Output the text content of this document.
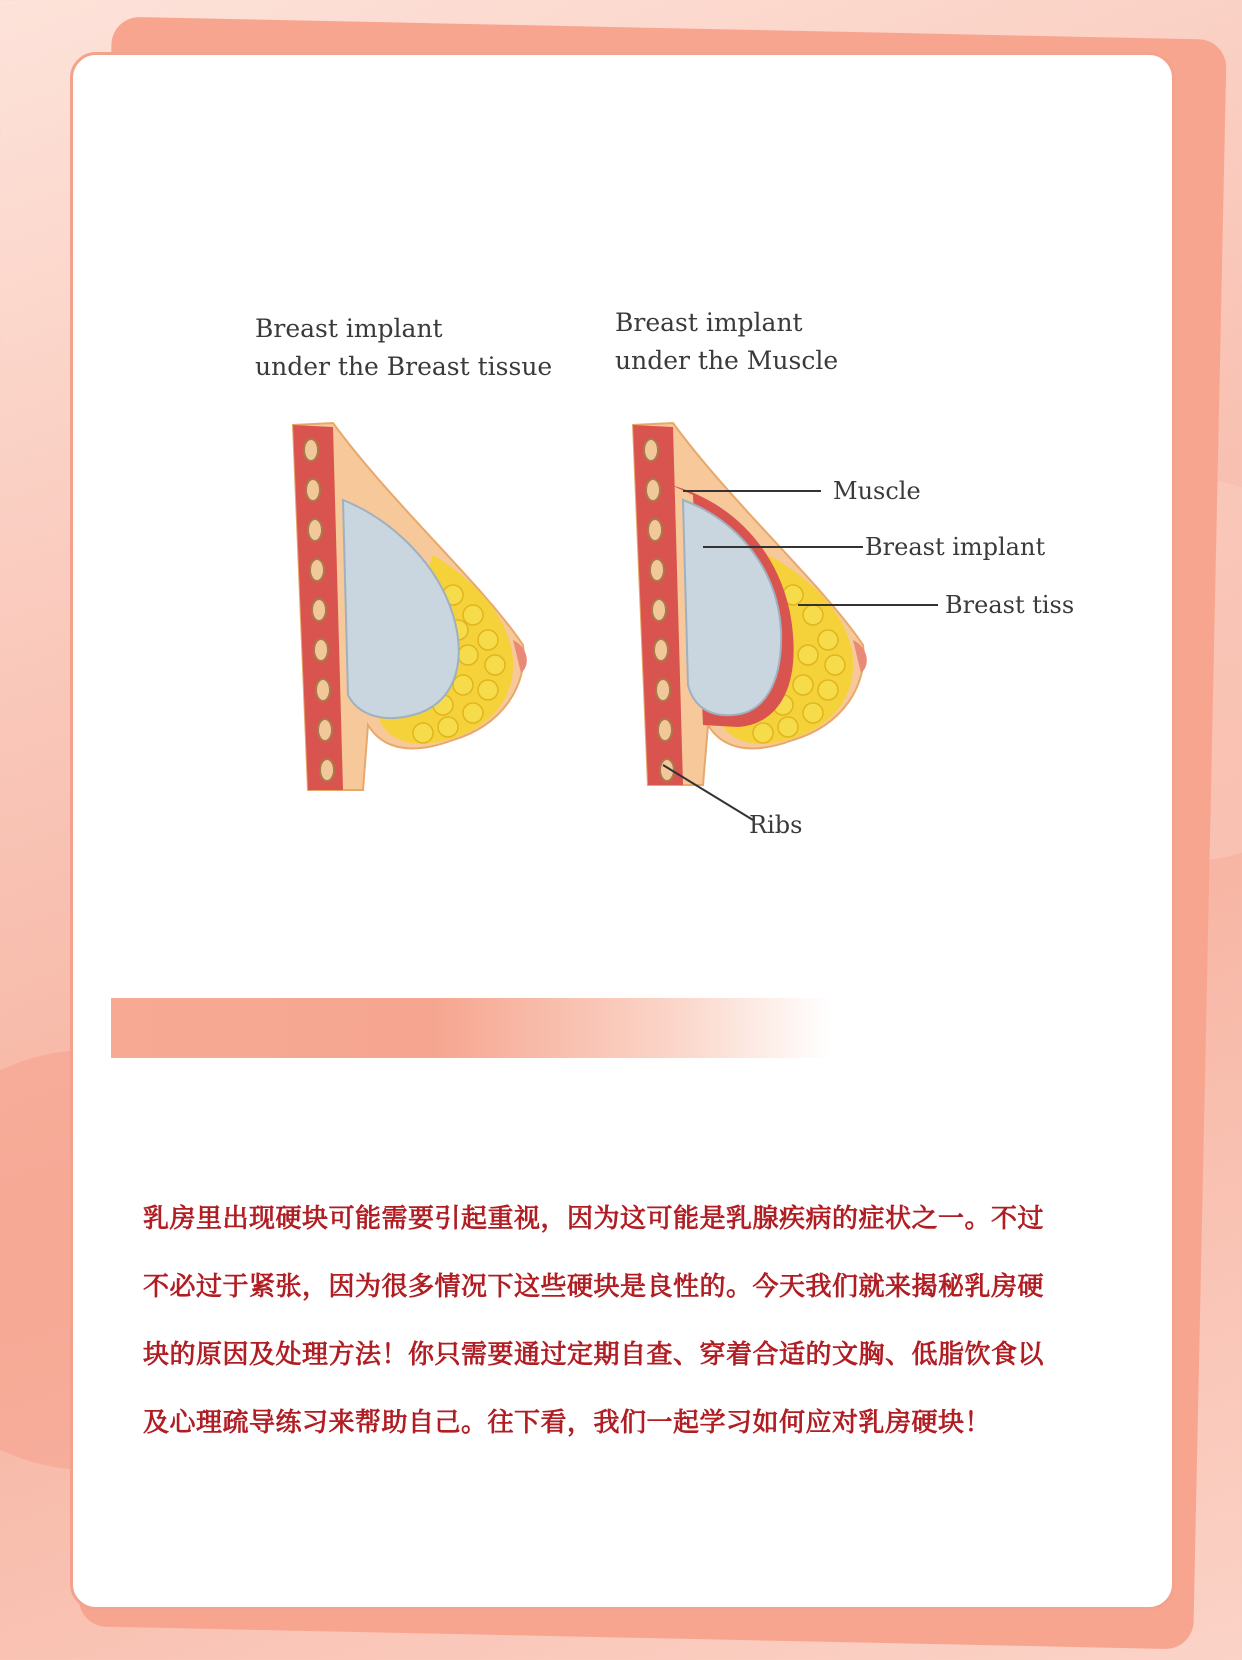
Breast implant
under the Breast tissue
Breast implant
under the Muscle
Muscle
Breast implant
Breast tiss
Ribs

乳房里出现硬块可能需要引起重视，因为这可能是乳腺疾病的症状之一。不过
不必过于紧张，因为很多情况下这些硬块是良性的。今天我们就来揭秘乳房硬
块的原因及处理方法！你只需要通过定期自查、穿着合适的文胸、低脂饮食以
及心理疏导练习来帮助自己。往下看，我们一起学习如何应对乳房硬块！
